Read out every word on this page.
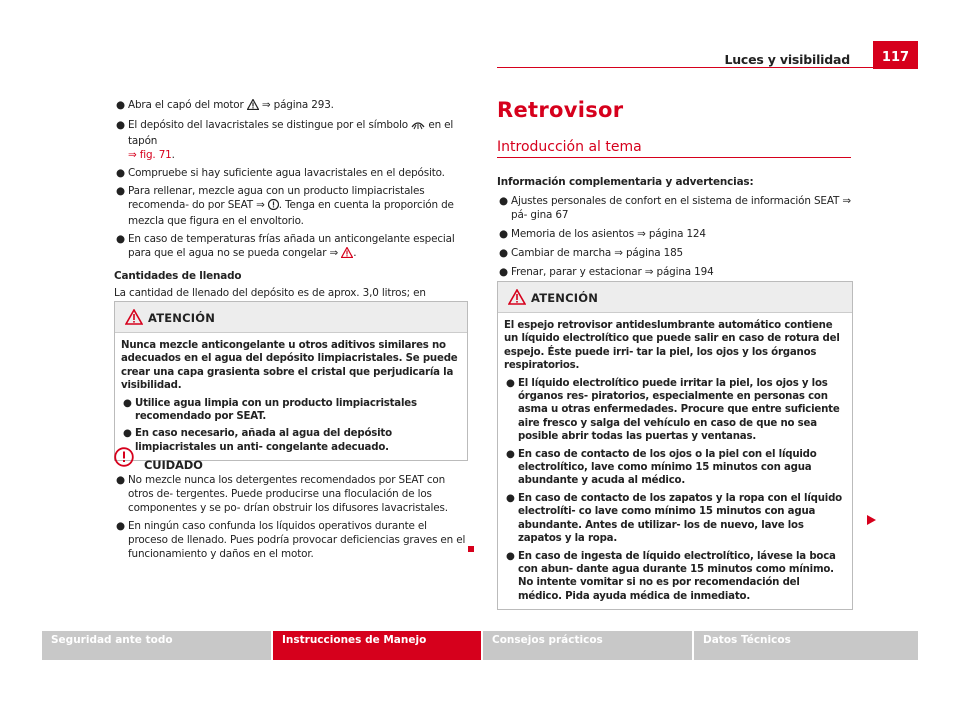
Luces y visibilidad	117

● Abra el capó del motor  ⇒ página 293.

● El depósito del lavacristales se distingue por el símbolo  en el tapón
⇒ fig. 71.

● Compruebe si hay suficiente agua lavacristales en el depósito.

● Para rellenar, mezcle agua con un producto limpiacristales recomenda- do por SEAT ⇒ . Tenga en cuenta la proporción de mezcla que figura en el envoltorio.

● En caso de temperaturas frías añada un anticongelante especial para que el agua no se pueda congelar ⇒ .

Cantidades de llenado

La cantidad de llenado del depósito es de aprox. 3,0 litros; en

ATENCIÓN

Nunca mezcle anticongelante u otros aditivos similares no adecuados en el agua del depósito limpiacristales. Se puede crear una capa grasienta sobre el cristal que perjudicaría la visibilidad.

● Utilice agua limpia con un producto limpiacristales recomendado por SEAT.

● En caso necesario, añada al agua del depósito limpiacristales un anti- congelante adecuado.

CUIDADO

● No mezcle nunca los detergentes recomendados por SEAT con otros de- tergentes. Puede producirse una floculación de los componentes y se po- drían obstruir los difusores lavacristales.

● En ningún caso confunda los líquidos operativos durante el proceso de llenado. Pues podría provocar deficiencias graves en el funcionamiento y daños en el motor.

Retrovisor
Introducción al tema

Información complementaria y advertencias:

● Ajustes personales de confort en el sistema de información SEAT ⇒ pá- gina 67

● Memoria de los asientos ⇒ página 124

● Cambiar de marcha ⇒ página 185

● Frenar, parar y estacionar ⇒ página 194

ATENCIÓN

El espejo retrovisor antideslumbrante automático contiene un líquido electrolítico que puede salir en caso de rotura del espejo. Éste puede irri- tar la piel, los ojos y los órganos respiratorios.

● El líquido electrolítico puede irritar la piel, los ojos y los órganos res- piratorios, especialmente en personas con asma u otras enfermedades. Procure que entre suficiente aire fresco y salga del vehículo en caso de que no sea posible abrir todas las puertas y ventanas.

● En caso de contacto de los ojos o la piel con el líquido electrolítico, lave como mínimo 15 minutos con agua abundante y acuda al médico.

● En caso de contacto de los zapatos y la ropa con el líquido electrolíti- co lave como mínimo 15 minutos con agua abundante. Antes de utilizar- los de nuevo, lave los zapatos y la ropa.

● En caso de ingesta de líquido electrolítico, lávese la boca con abun- dante agua durante 15 minutos como mínimo. No intente vomitar si no es por recomendación del médico. Pida ayuda médica de inmediato.

Seguridad ante todo	Instrucciones de Manejo	Consejos prácticos	Datos Técnicos
